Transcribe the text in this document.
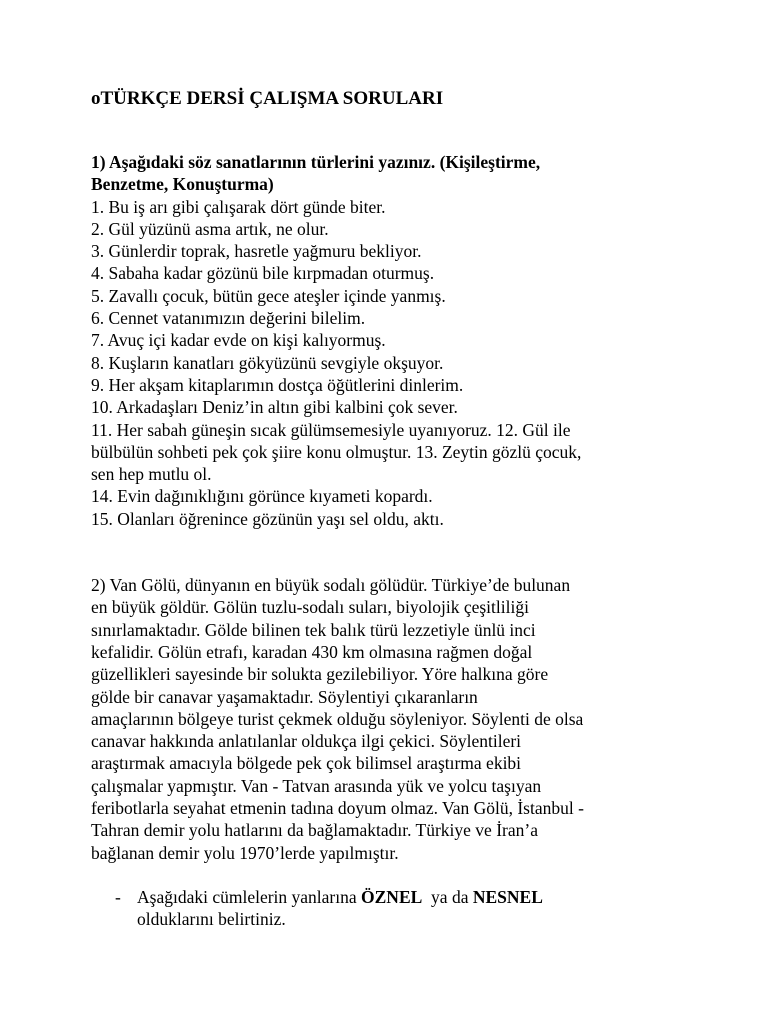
oTÜRKÇE DERSİ ÇALIŞMA SORULARI
1) Aşağıdaki söz sanatlarının türlerini yazınız. (Kişileştirme,
Benzetme, Konuşturma)
1. Bu iş arı gibi çalışarak dört günde biter.
2. Gül yüzünü asma artık, ne olur.
3. Günlerdir toprak, hasretle yağmuru bekliyor.
4. Sabaha kadar gözünü bile kırpmadan oturmuş.
5. Zavallı çocuk, bütün gece ateşler içinde yanmış.
6. Cennet vatanımızın değerini bilelim.
7. Avuç içi kadar evde on kişi kalıyormuş.
8. Kuşların kanatları gökyüzünü sevgiyle okşuyor.
9. Her akşam kitaplarımın dostça öğütlerini dinlerim.
10. Arkadaşları Deniz’in altın gibi kalbini çok sever.
11. Her sabah güneşin sıcak gülümsemesiyle uyanıyoruz. 12. Gül ile
bülbülün sohbeti pek çok şiire konu olmuştur. 13. Zeytin gözlü çocuk,
sen hep mutlu ol.
14. Evin dağınıklığını görünce kıyameti kopardı.
15. Olanları öğrenince gözünün yaşı sel oldu, aktı.
2) Van Gölü, dünyanın en büyük sodalı gölüdür. Türkiye’de bulunan
en büyük göldür. Gölün tuzlu-sodalı suları, biyolojik çeşitliliği
sınırlamaktadır. Gölde bilinen tek balık türü lezzetiyle ünlü inci
kefalidir. Gölün etrafı, karadan 430 km olmasına rağmen doğal
güzellikleri sayesinde bir solukta gezilebiliyor. Yöre halkına göre
gölde bir canavar yaşamaktadır. Söylentiyi çıkaranların
amaçlarının bölgeye turist çekmek olduğu söyleniyor. Söylenti de olsa
canavar hakkında anlatılanlar oldukça ilgi çekici. Söylentileri
araştırmak amacıyla bölgede pek çok bilimsel araştırma ekibi
çalışmalar yapmıştır. Van - Tatvan arasında yük ve yolcu taşıyan
feribotlarla seyahat etmenin tadına doyum olmaz. Van Gölü, İstanbul -
Tahran demir yolu hatlarını da bağlamaktadır. Türkiye ve İran’a
bağlanan demir yolu 1970’lerde yapılmıştır.
- Aşağıdaki cümlelerin yanlarına ÖZNEL  ya da NESNEL
olduklarını belirtiniz.
